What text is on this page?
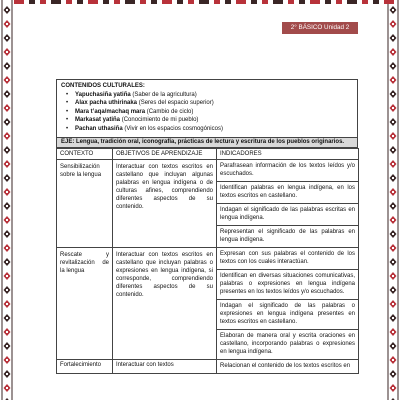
2° BÁSICO Unidad 2
CONTENIDOS CULTURALES:
• Yapuchasiña yatiña (Saber de la agricultura)
• Alax pacha uthirinaka (Seres del espacio superior)
• Mara t’aqa/machaq mara (Cambio de ciclo)
• Markasat yatiña (Conocimiento de mi pueblo)
• Pachan uthasiña (Vivir en los espacios cosmogónicos)
EJE: Lengua, tradición oral, iconografía, prácticas de lectura y escritura de los pueblos originarios.
CONTEXTO	OBJETIVOS DE APRENDIZAJE	INDICADORES
Sensibilización sobre la lengua	Interactuar con textos escritos en castellano que incluyan algunas palabras en lengua indígena o de culturas afines, comprendiendo diferentes aspectos de su contenido.	Parafrasean información de los textos leídos y/o escuchados.
Identifican palabras en lengua indígena, en los textos escritos en castellano.
Indagan el significado de las palabras escritas en lengua indígena.
Representan el significado de las palabras en lengua indígena.

Rescate y revitalización de la lengua	Interactuar con textos escritos en castellano que incluyan palabras o expresiones en lengua indígena, si corresponde, comprendiendo diferentes aspectos de su contenido.	Expresan con sus palabras el contenido de los textos con los cuales interactúan.
Identifican en diversas situaciones comunicativas, palabras o expresiones en lengua indígena presentes en los textos leídos y/o escuchados.
Indagan el significado de las palabras o expresiones en lengua indígena presentes en textos escritos en castellano.
Elaboran de manera oral y escrita oraciones en castellano, incorporando palabras o expresiones en lengua indígena.

Fortalecimiento	Interactuar con textos	Relacionan el contenido de los textos escritos en
